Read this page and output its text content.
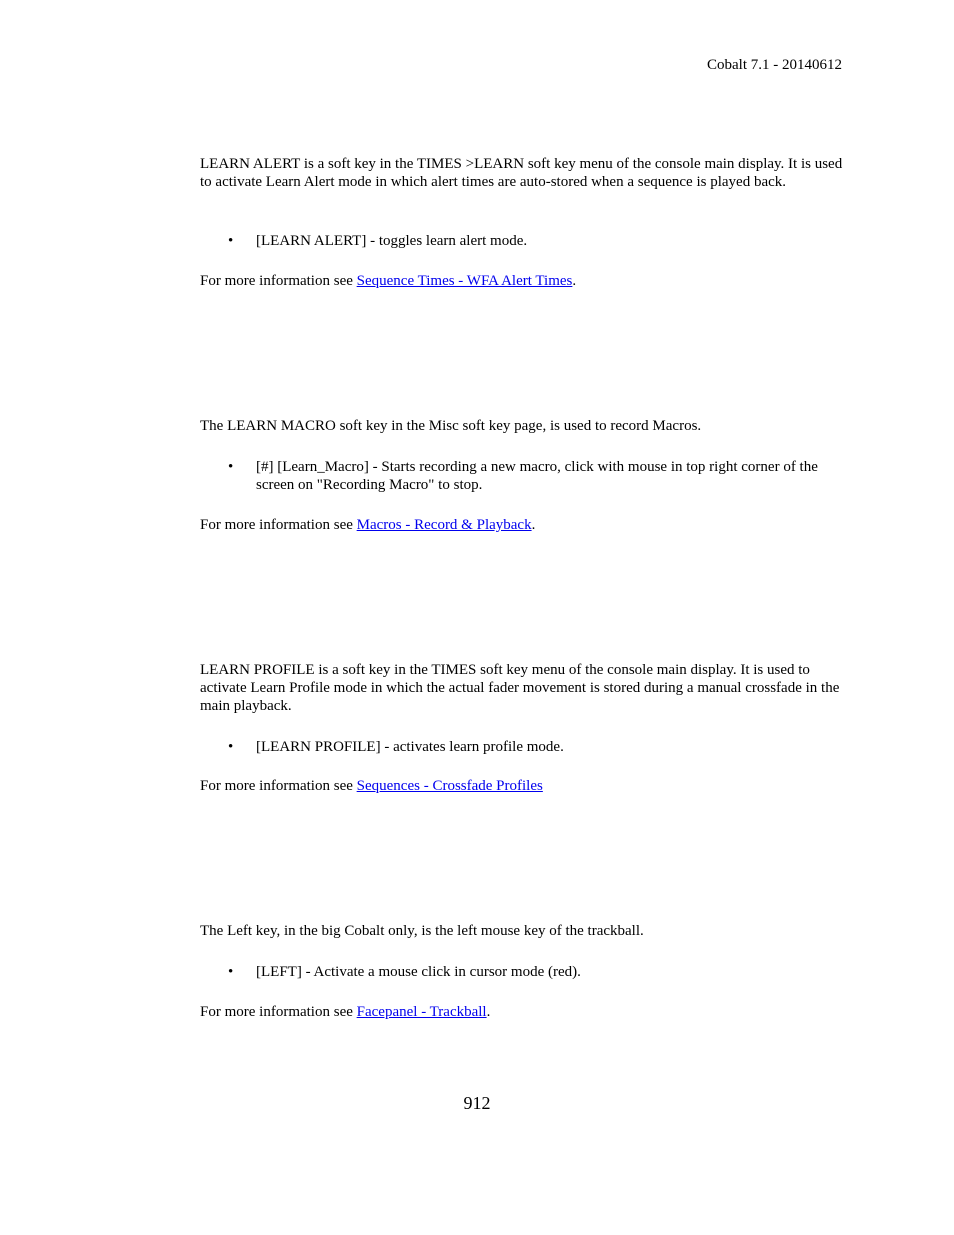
Cobalt 7.1 - 20140612

LEARN ALERT is a soft key in the TIMES >LEARN soft key menu of the console main display. It is used to activate Learn Alert mode in which alert times are auto-stored when a sequence is played back.

• [LEARN ALERT] - toggles learn alert mode.

For more information see Sequence Times - WFA Alert Times.

The LEARN MACRO soft key in the Misc soft key page, is used to record Macros.

• [#] [Learn_Macro] - Starts recording a new macro, click with mouse in top right corner of the screen on "Recording Macro" to stop.

For more information see Macros - Record & Playback.

LEARN PROFILE is a soft key in the TIMES soft key menu of the console main display. It is used to activate Learn Profile mode in which the actual fader movement is stored during a manual crossfade in the main playback.

• [LEARN PROFILE] - activates learn profile mode.

For more information see Sequences - Crossfade Profiles

The Left key, in the big Cobalt only, is the left mouse key of the trackball.

• [LEFT] - Activate a mouse click in cursor mode (red).

For more information see Facepanel - Trackball.

912
